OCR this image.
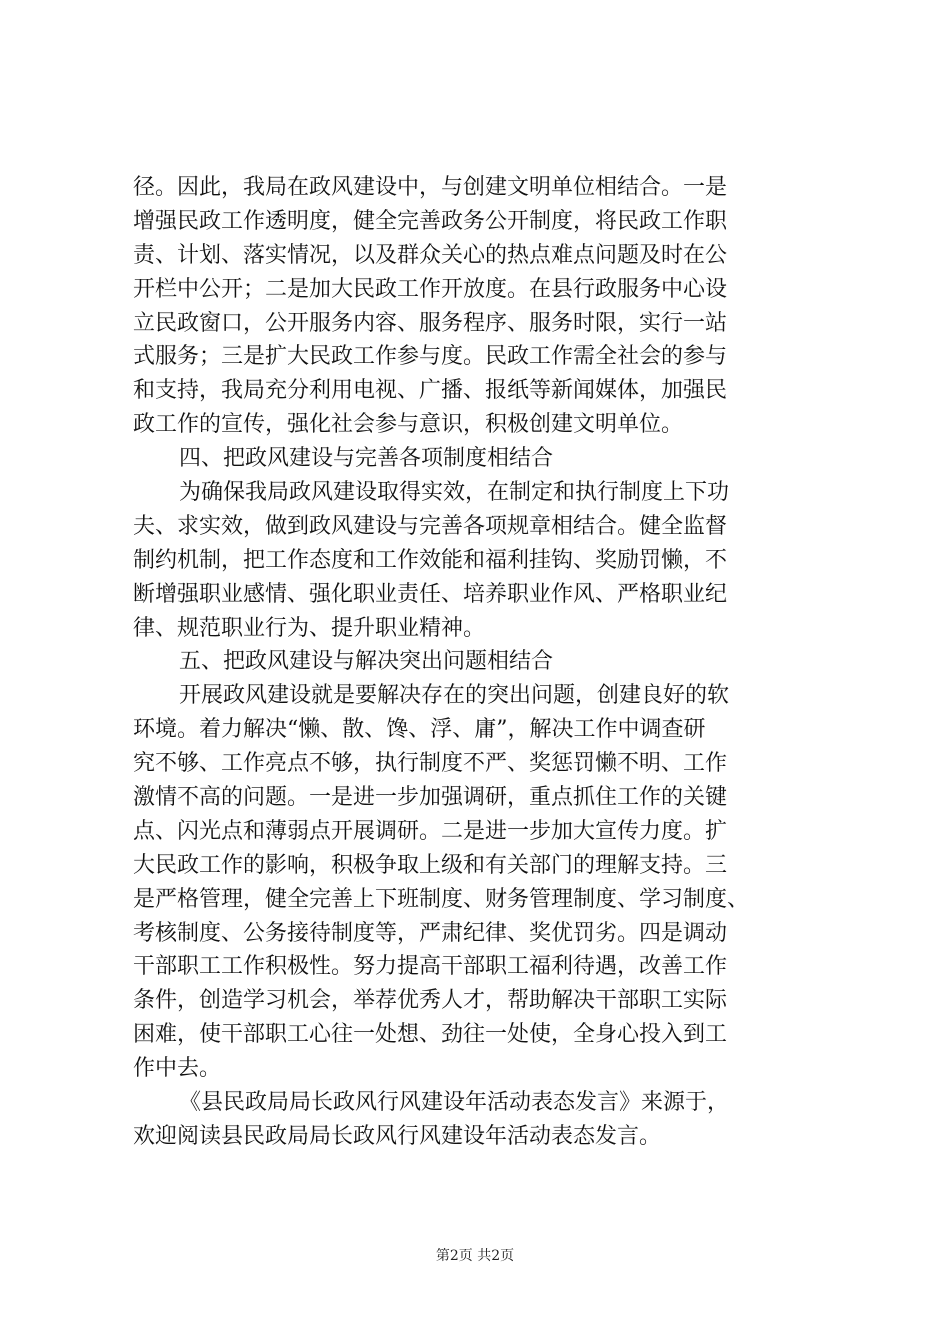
径。因此，我局在政风建设中，与创建文明单位相结合。一是
增强民政工作透明度，健全完善政务公开制度，将民政工作职
责、计划、落实情况，以及群众关心的热点难点问题及时在公
开栏中公开；二是加大民政工作开放度。在县行政服务中心设
立民政窗口，公开服务内容、服务程序、服务时限，实行一站
式服务；三是扩大民政工作参与度。民政工作需全社会的参与
和支持，我局充分利用电视、广播、报纸等新闻媒体，加强民
政工作的宣传，强化社会参与意识，积极创建文明单位。
四、把政风建设与完善各项制度相结合
为确保我局政风建设取得实效，在制定和执行制度上下功
夫、求实效，做到政风建设与完善各项规章相结合。健全监督
制约机制，把工作态度和工作效能和福利挂钩、奖励罚懒，不
断增强职业感情、强化职业责任、培养职业作风、严格职业纪
律、规范职业行为、提升职业精神。
五、把政风建设与解决突出问题相结合
开展政风建设就是要解决存在的突出问题，创建良好的软
环境。着力解决“懒、散、馋、浮、庸”，解决工作中调查研
究不够、工作亮点不够，执行制度不严、奖惩罚懒不明、工作
激情不高的问题。一是进一步加强调研，重点抓住工作的关键
点、闪光点和薄弱点开展调研。二是进一步加大宣传力度。扩
大民政工作的影响，积极争取上级和有关部门的理解支持。三
是严格管理，健全完善上下班制度、财务管理制度、学习制度、
考核制度、公务接待制度等，严肃纪律、奖优罚劣。四是调动
干部职工工作积极性。努力提高干部职工福利待遇，改善工作
条件，创造学习机会，举荐优秀人才，帮助解决干部职工实际
困难，使干部职工心往一处想、劲往一处使，全身心投入到工
作中去。
《县民政局局长政风行风建设年活动表态发言》来源于，
欢迎阅读县民政局局长政风行风建设年活动表态发言。
第2页 共2页
